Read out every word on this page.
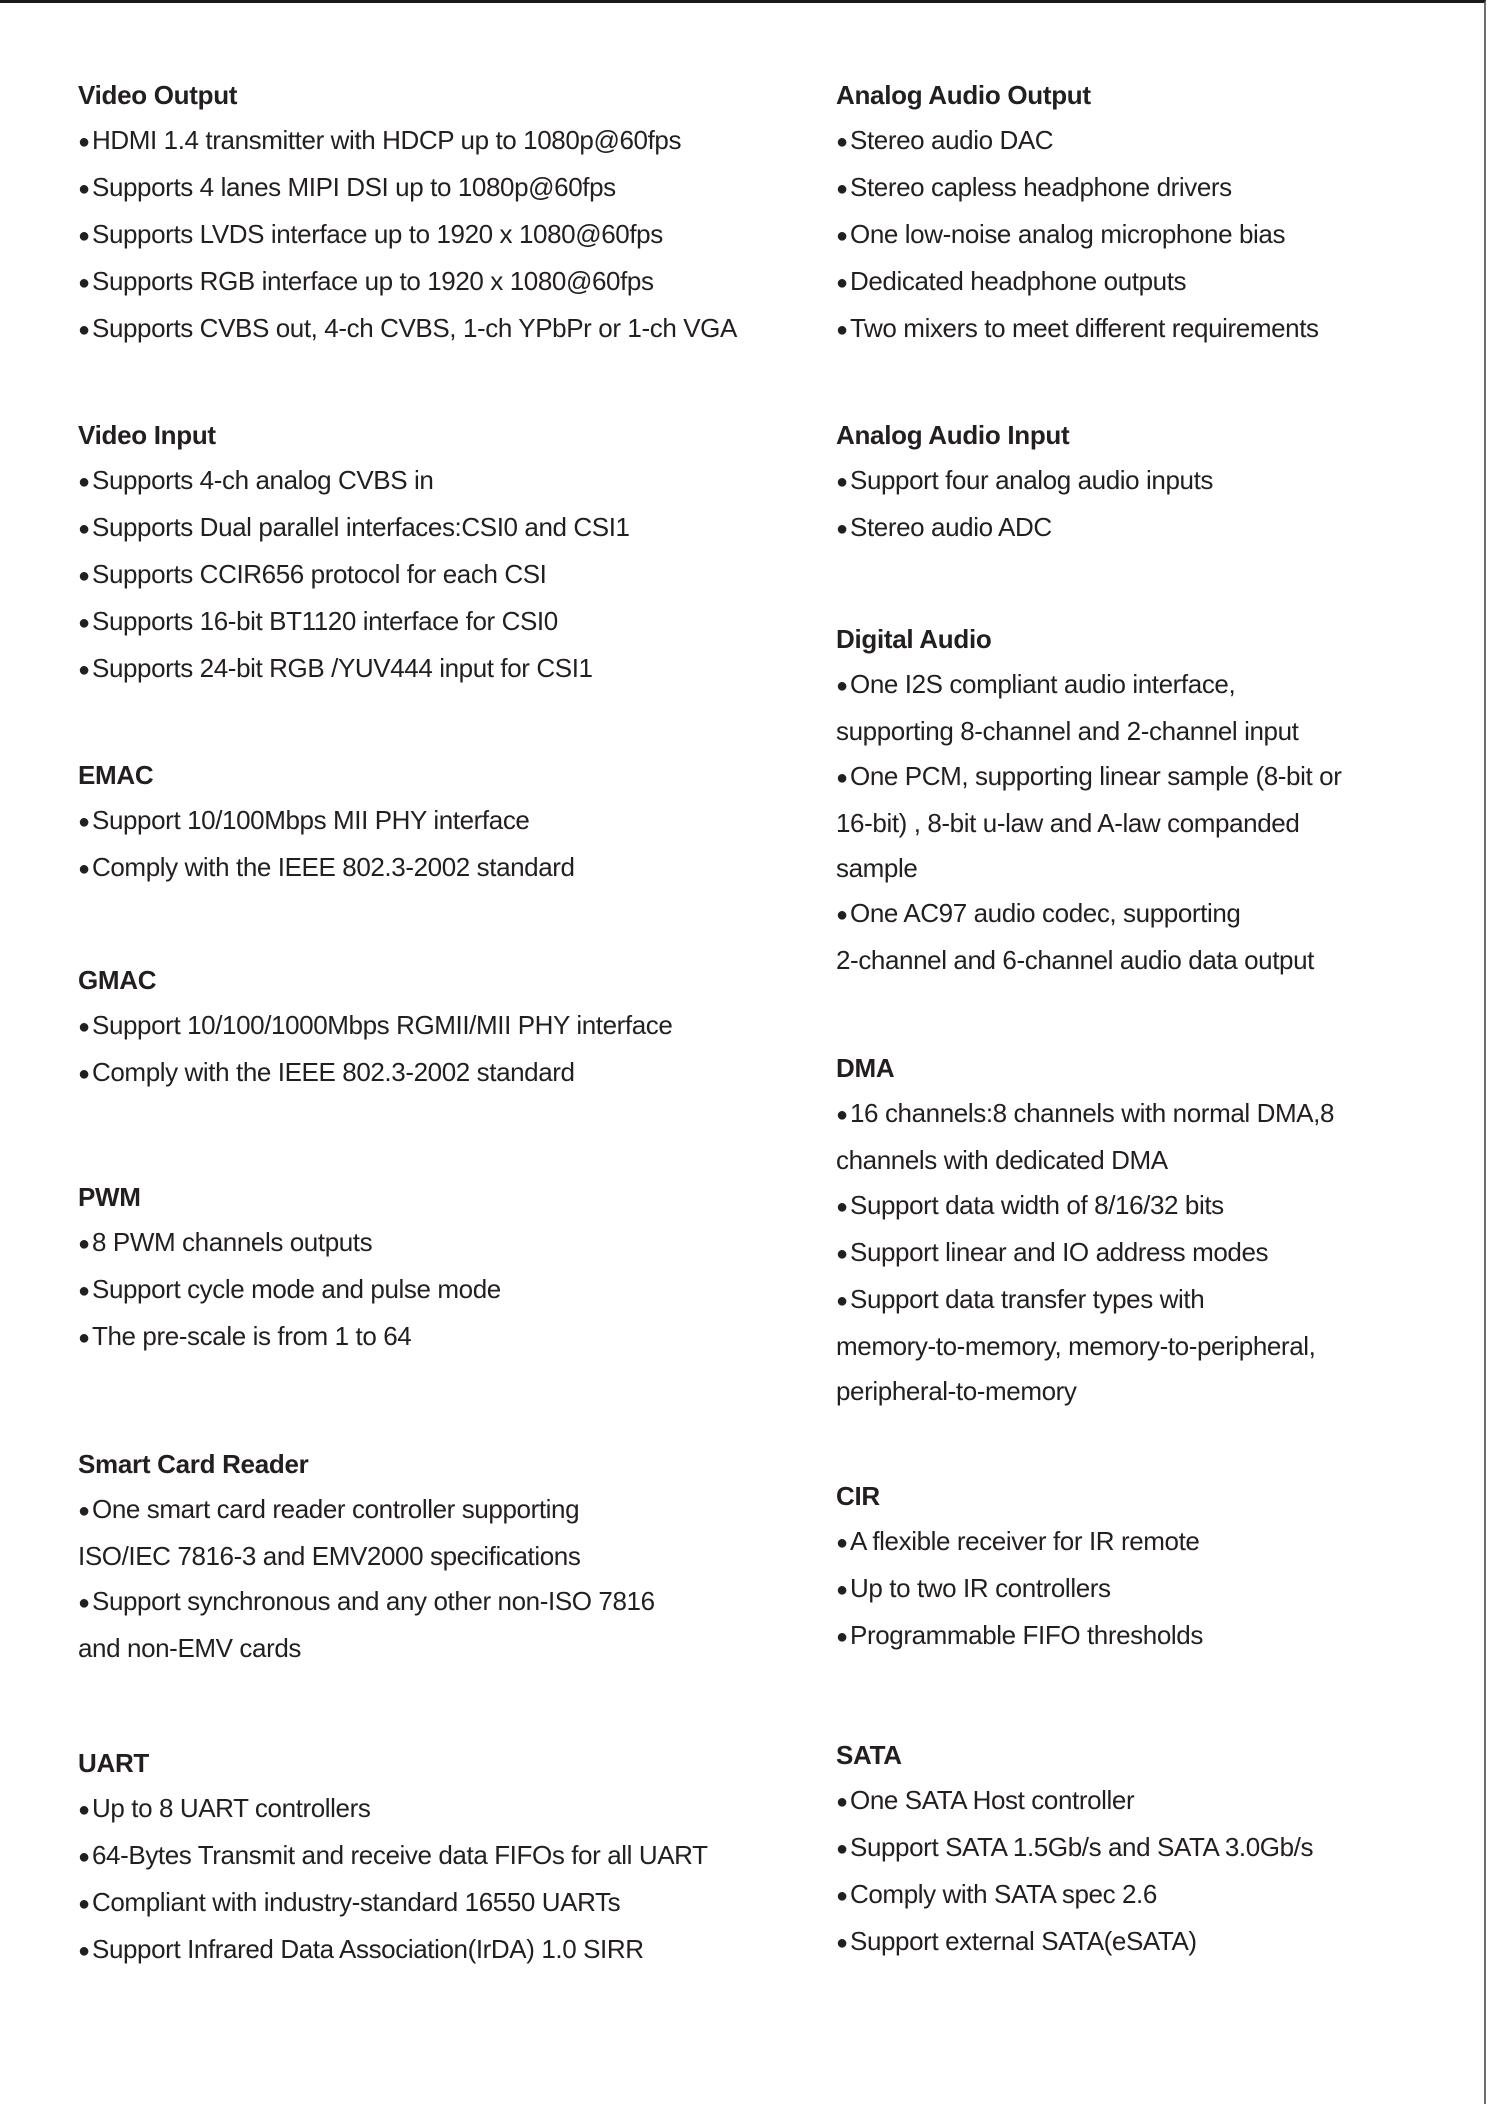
Video Output
●HDMI 1.4 transmitter with HDCP up to 1080p@60fps
●Supports 4 lanes MIPI DSI up to 1080p@60fps
●Supports LVDS interface up to 1920 x 1080@60fps
●Supports RGB interface up to 1920 x 1080@60fps
●Supports CVBS out, 4-ch CVBS, 1-ch YPbPr or 1-ch VGA
Video Input
●Supports 4-ch analog CVBS in
●Supports Dual parallel interfaces:CSI0 and CSI1
●Supports CCIR656 protocol for each CSI
●Supports 16-bit BT1120 interface for CSI0
●Supports 24-bit RGB /YUV444 input for CSI1
EMAC
●Support 10/100Mbps MII PHY interface
●Comply with the IEEE 802.3-2002 standard
GMAC
●Support 10/100/1000Mbps RGMII/MII PHY interface
●Comply with the IEEE 802.3-2002 standard
PWM
●8 PWM channels outputs
●Support cycle mode and pulse mode
●The pre-scale is from 1 to 64
Smart Card Reader
●One smart card reader controller supporting
ISO/IEC 7816-3 and EMV2000 specifications
●Support synchronous and any other non-ISO 7816
and non-EMV cards
UART
●Up to 8 UART controllers
●64-Bytes Transmit and receive data FIFOs for all UART
●Compliant with industry-standard 16550 UARTs
●Support Infrared Data Association(IrDA) 1.0 SIRR
Analog Audio Output
●Stereo audio DAC
●Stereo capless headphone drivers
●One low-noise analog microphone bias
●Dedicated headphone outputs
●Two mixers to meet different requirements
Analog Audio Input
●Support four analog audio inputs
●Stereo audio ADC
Digital Audio
●One I2S compliant audio interface,
supporting 8-channel and 2-channel input
●One PCM, supporting linear sample (8-bit or
16-bit) , 8-bit u-law and A-law companded
sample
●One AC97 audio codec, supporting
2-channel and 6-channel audio data output
DMA
●16 channels:8 channels with normal DMA,8
channels with dedicated DMA
●Support data width of 8/16/32 bits
●Support linear and IO address modes
●Support data transfer types with
memory-to-memory, memory-to-peripheral,
peripheral-to-memory
CIR
●A flexible receiver for IR remote
●Up to two IR controllers
●Programmable FIFO thresholds
SATA
●One SATA Host controller
●Support SATA 1.5Gb/s and SATA 3.0Gb/s
●Comply with SATA spec 2.6
●Support external SATA(eSATA)
